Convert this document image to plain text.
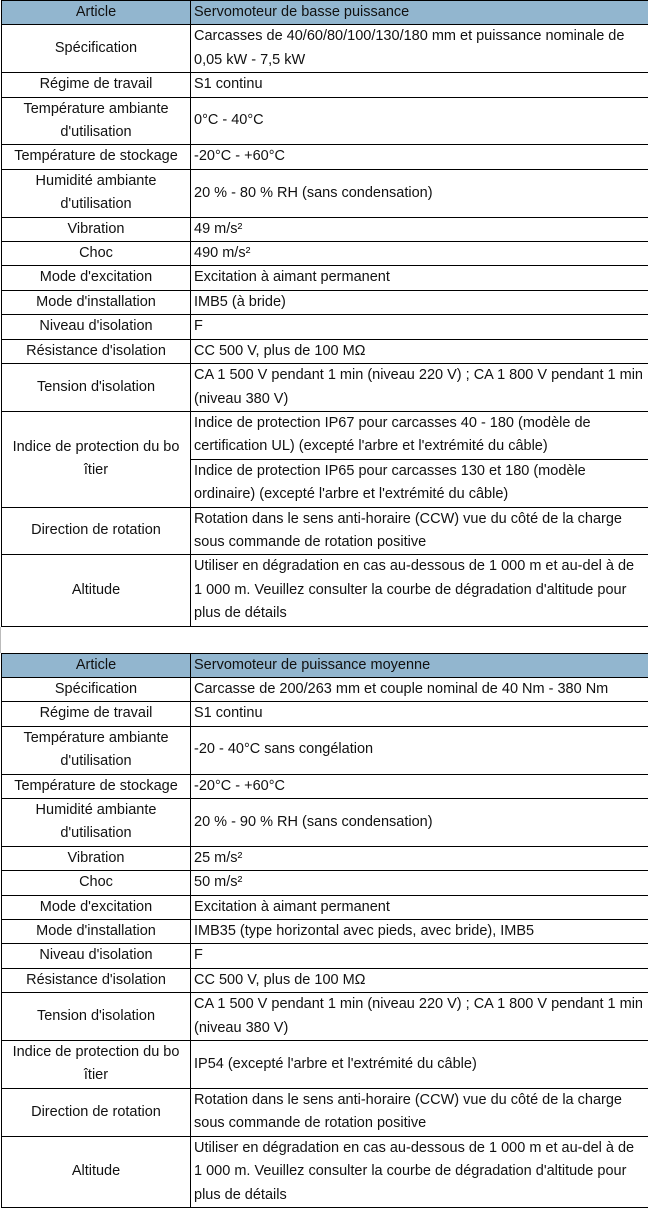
Article	Servomoteur de basse puissance
Spécification	Carcasses de 40/60/80/100/130/180 mm et puissance nominale de 0,05 kW - 7,5 kW
Régime de travail	S1 continu
Température ambiante d'utilisation	0°C - 40°C
Température de stockage	-20°C - +60°C
Humidité ambiante d'utilisation	20 % - 80 % RH (sans condensation)
Vibration	49 m/s²
Choc	490 m/s²
Mode d'excitation	Excitation à aimant permanent
Mode d'installation	IMB5 (à bride)
Niveau d'isolation	F
Résistance d'isolation	CC 500 V, plus de 100 MΩ
Tension d'isolation	CA 1 500 V pendant 1 min (niveau 220 V) ; CA 1 800 V pendant 1 min (niveau 380 V)
Indice de protection du bo îtier	Indice de protection IP67 pour carcasses 40 - 180 (modèle de certification UL) (excepté l'arbre et l'extrémité du câble)
	Indice de protection IP65 pour carcasses 130 et 180 (modèle ordinaire) (excepté l'arbre et l'extrémité du câble)
Direction de rotation	Rotation dans le sens anti-horaire (CCW) vue du côté de la charge sous commande de rotation positive
Altitude	Utiliser en dégradation en cas au-dessous de 1 000 m et au-del à de 1 000 m. Veuillez consulter la courbe de dégradation d'altitude pour plus de détails
Article	Servomoteur de puissance moyenne
Spécification	Carcasse de 200/263 mm et couple nominal de 40 Nm - 380 Nm
Régime de travail	S1 continu
Température ambiante d'utilisation	-20 - 40°C sans congélation
Température de stockage	-20°C - +60°C
Humidité ambiante d'utilisation	20 % - 90 % RH (sans condensation)
Vibration	25 m/s²
Choc	50 m/s²
Mode d'excitation	Excitation à aimant permanent
Mode d'installation	IMB35 (type horizontal avec pieds, avec bride), IMB5
Niveau d'isolation	F
Résistance d'isolation	CC 500 V, plus de 100 MΩ
Tension d'isolation	CA 1 500 V pendant 1 min (niveau 220 V) ; CA 1 800 V pendant 1 min (niveau 380 V)
Indice de protection du bo îtier	IP54 (excepté l'arbre et l'extrémité du câble)
Direction de rotation	Rotation dans le sens anti-horaire (CCW) vue du côté de la charge sous commande de rotation positive
Altitude	Utiliser en dégradation en cas au-dessous de 1 000 m et au-del à de 1 000 m. Veuillez consulter la courbe de dégradation d'altitude pour plus de détails
